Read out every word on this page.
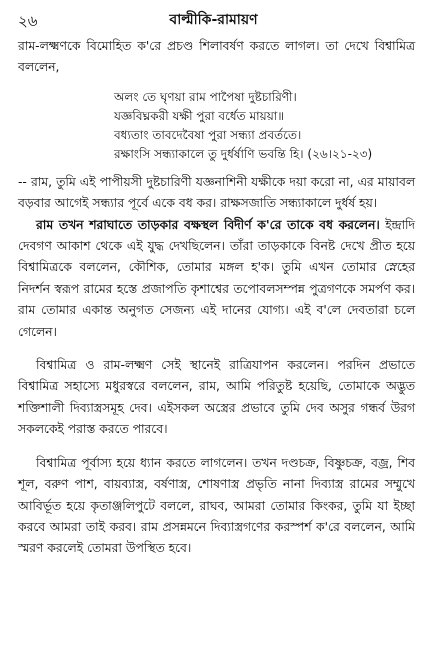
২৬	বাল্মীকি-রামায়ণ

রাম-লক্ষ্মণকে বিমোহিত ক'রে প্রচণ্ড শিলাবর্ষণ করতে লাগল। তা দেখে বিশ্বামিত্র বললেন,

অলং তে ঘৃণয়া রাম পাপৈষা দুষ্টচারিণী।
যজ্ঞবিঘ্নকরী যক্ষী পুরা বর্ধেত মায়য়া॥
বধ্যতাং তাবদেবৈষা পুরা সন্ধ্যা প্রবর্ততে।
রক্ষাংসি সন্ধ্যাকালে তু দুর্ধর্ষাণি ভবন্তি হি। (২৬।২১-২৩)

-- রাম, তুমি এই পাপীয়সী দুষ্টচারিণী যজ্ঞনাশিনী যক্ষীকে দয়া করো না, এর মায়াবল বড়বার আগেই সন্ধ্যার পূর্বে একে বধ কর। রাক্ষসজাতি সন্ধ্যাকালে দুর্ধর্ষ হয়।

রাম তখন শরাঘাতে তাড়কার বক্ষস্থল বিদীর্ণ ক'রে তাকে বধ করলেন। ইন্দ্রাদি দেবগণ আকাশ থেকে এই যুদ্ধ দেখছিলেন। তাঁরা তাড়কাকে বিনষ্ট দেখে প্রীত হয়ে বিশ্বামিত্রকে বললেন, কৌশিক, তোমার মঙ্গল হ'ক। তুমি এখন তোমার স্নেহের নিদর্শন স্বরূপ রামের হস্তে প্রজাপতি কৃশাশ্বের তপোবলসম্পন্ন পুত্রগণকে সমর্পণ কর। রাম তোমার একান্ত অনুগত সেজন্য এই দানের যোগ্য। এই ব'লে দেবতারা চলে গেলেন।

বিশ্বামিত্র ও রাম-লক্ষ্মণ সেই স্থানেই রাত্রিযাপন করলেন। পরদিন প্রভাতে বিশ্বামিত্র সহাস্যে মধুরস্বরে বললেন, রাম, আমি পরিতুষ্ট হয়েছি, তোমাকে অদ্ভুত শক্তিশালী দিব্যাস্ত্রসমূহ দেব। এইসকল অস্ত্রের প্রভাবে তুমি দেব অসুর গন্ধর্ব উরগ সকলকেই পরাস্ত করতে পারবে।

বিশ্বামিত্র পূর্বাস্য হয়ে ধ্যান করতে লাগলেন। তখন দণ্ডচক্র, বিষ্ণুচক্র, বজ্র, শিব শূল, বরুণ পাশ, বায়ব্যাস্ত্র, বর্ষণাস্ত্র, শোষণাস্ত্র প্রভৃতি নানা দিব্যাস্ত্র রামের সম্মুখে আবির্ভূত হয়ে কৃতাঞ্জলিপুটে বললে, রাঘব, আমরা তোমার কিংকর, তুমি যা ইচ্ছা করবে আমরা তাই করব। রাম প্রসন্নমনে দিব্যাস্ত্রগণের করস্পর্শ ক'রে বললেন, আমি স্মরণ করলেই তোমরা উপস্থিত হবে।
